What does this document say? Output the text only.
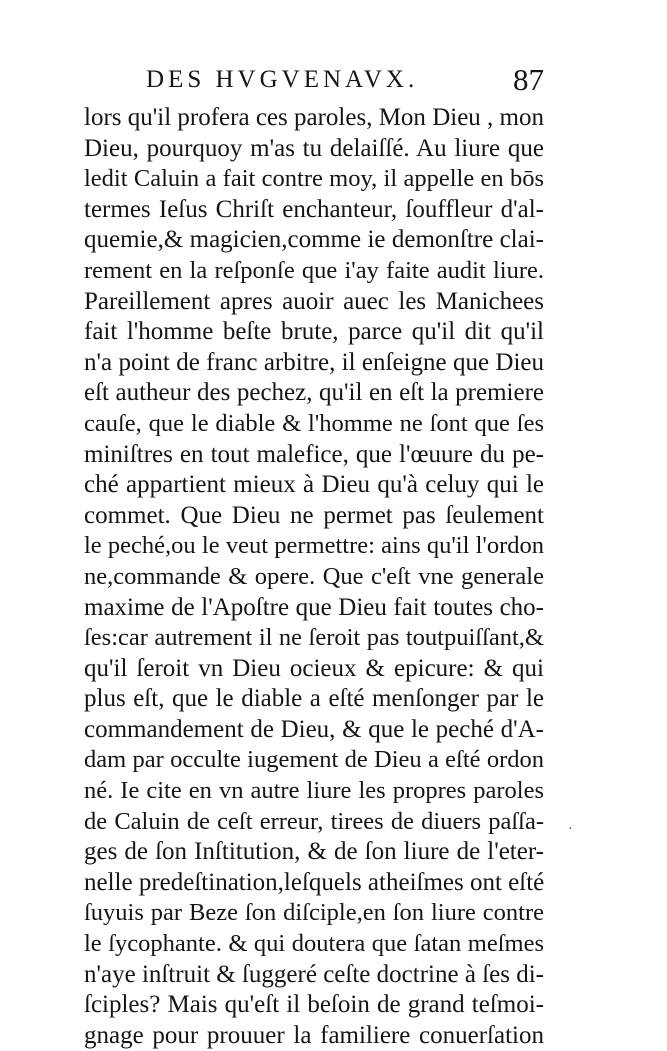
DES HVGVENAVX.	87
lors qu'il profera ces paroles, Mon Dieu , mon
Dieu, pourquoy m'as tu delaiſſé. Au liure que
ledit Caluin a fait contre moy, il appelle en bōs
termes Ieſus Chriſt enchanteur, ſouffleur d'al-
quemie,& magicien,comme ie demonſtre clai-
rement en la reſponſe que i'ay faite audit liure.
Pareillement apres auoir auec les Manichees
fait l'homme beſte brute, parce qu'il dit qu'il
n'a point de franc arbitre, il enſeigne que Dieu
eſt autheur des pechez, qu'il en eſt la premiere
cauſe, que le diable & l'homme ne ſont que ſes
miniſtres en tout malefice, que l'œuure du pe-
ché appartient mieux à Dieu qu'à celuy qui le
commet. Que Dieu ne permet pas ſeulement
le peché,ou le veut permettre: ains qu'il l'ordon
ne,commande & opere. Que c'eſt vne generale
maxime de l'Apoſtre que Dieu fait toutes cho-
ſes:car autrement il ne ſeroit pas toutpuiſſant,&
qu'il ſeroit vn Dieu ocieux & epicure: & qui
plus eſt, que le diable a eſté menſonger par le
commandement de Dieu, & que le peché d'A-
dam par occulte iugement de Dieu a eſté ordon
né. Ie cite en vn autre liure les propres paroles
de Caluin de ceſt erreur, tirees de diuers paſſa-
ges de ſon Inſtitution, & de ſon liure de l'eter-
nelle predeſtination,leſquels atheiſmes ont eſté
ſuyuis par Beze ſon diſciple,en ſon liure contre
le ſycophante. & qui doutera que ſatan meſmes
n'aye inſtruit & ſuggeré ceſte doctrine à ſes di-
ſciples? Mais qu'eſt il beſoin de grand teſmoi-
gnage pour prouuer la familiere conuerſation
·
